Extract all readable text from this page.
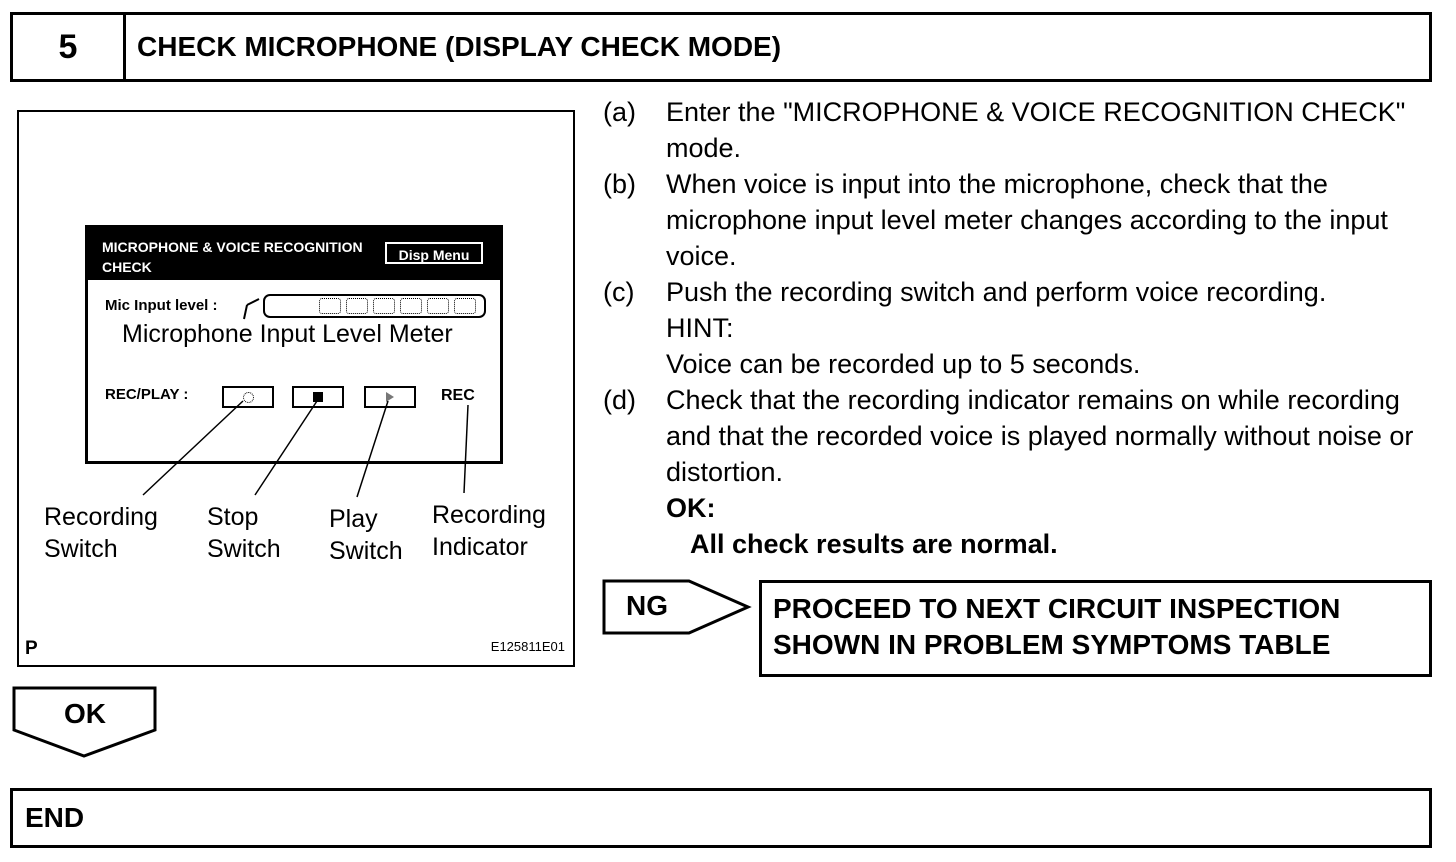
5	CHECK MICROPHONE (DISPLAY CHECK MODE)
MICROPHONE & VOICE RECOGNITION CHECK
Disp Menu
Mic Input level :
Microphone Input Level Meter
REC/PLAY :	REC
Recording Switch
Stop Switch
Play Switch
Recording Indicator
P	E125811E01
(a)	Enter the "MICROPHONE & VOICE RECOGNITION CHECK" mode.
(b)	When voice is input into the microphone, check that the microphone input level meter changes according to the input voice.
(c)	Push the recording switch and perform voice recording.
HINT:
Voice can be recorded up to 5 seconds.
(d)	Check that the recording indicator remains on while recording and that the recorded voice is played normally without noise or distortion.
OK:
All check results are normal.
NG	PROCEED TO NEXT CIRCUIT INSPECTION SHOWN IN PROBLEM SYMPTOMS TABLE
OK
END
